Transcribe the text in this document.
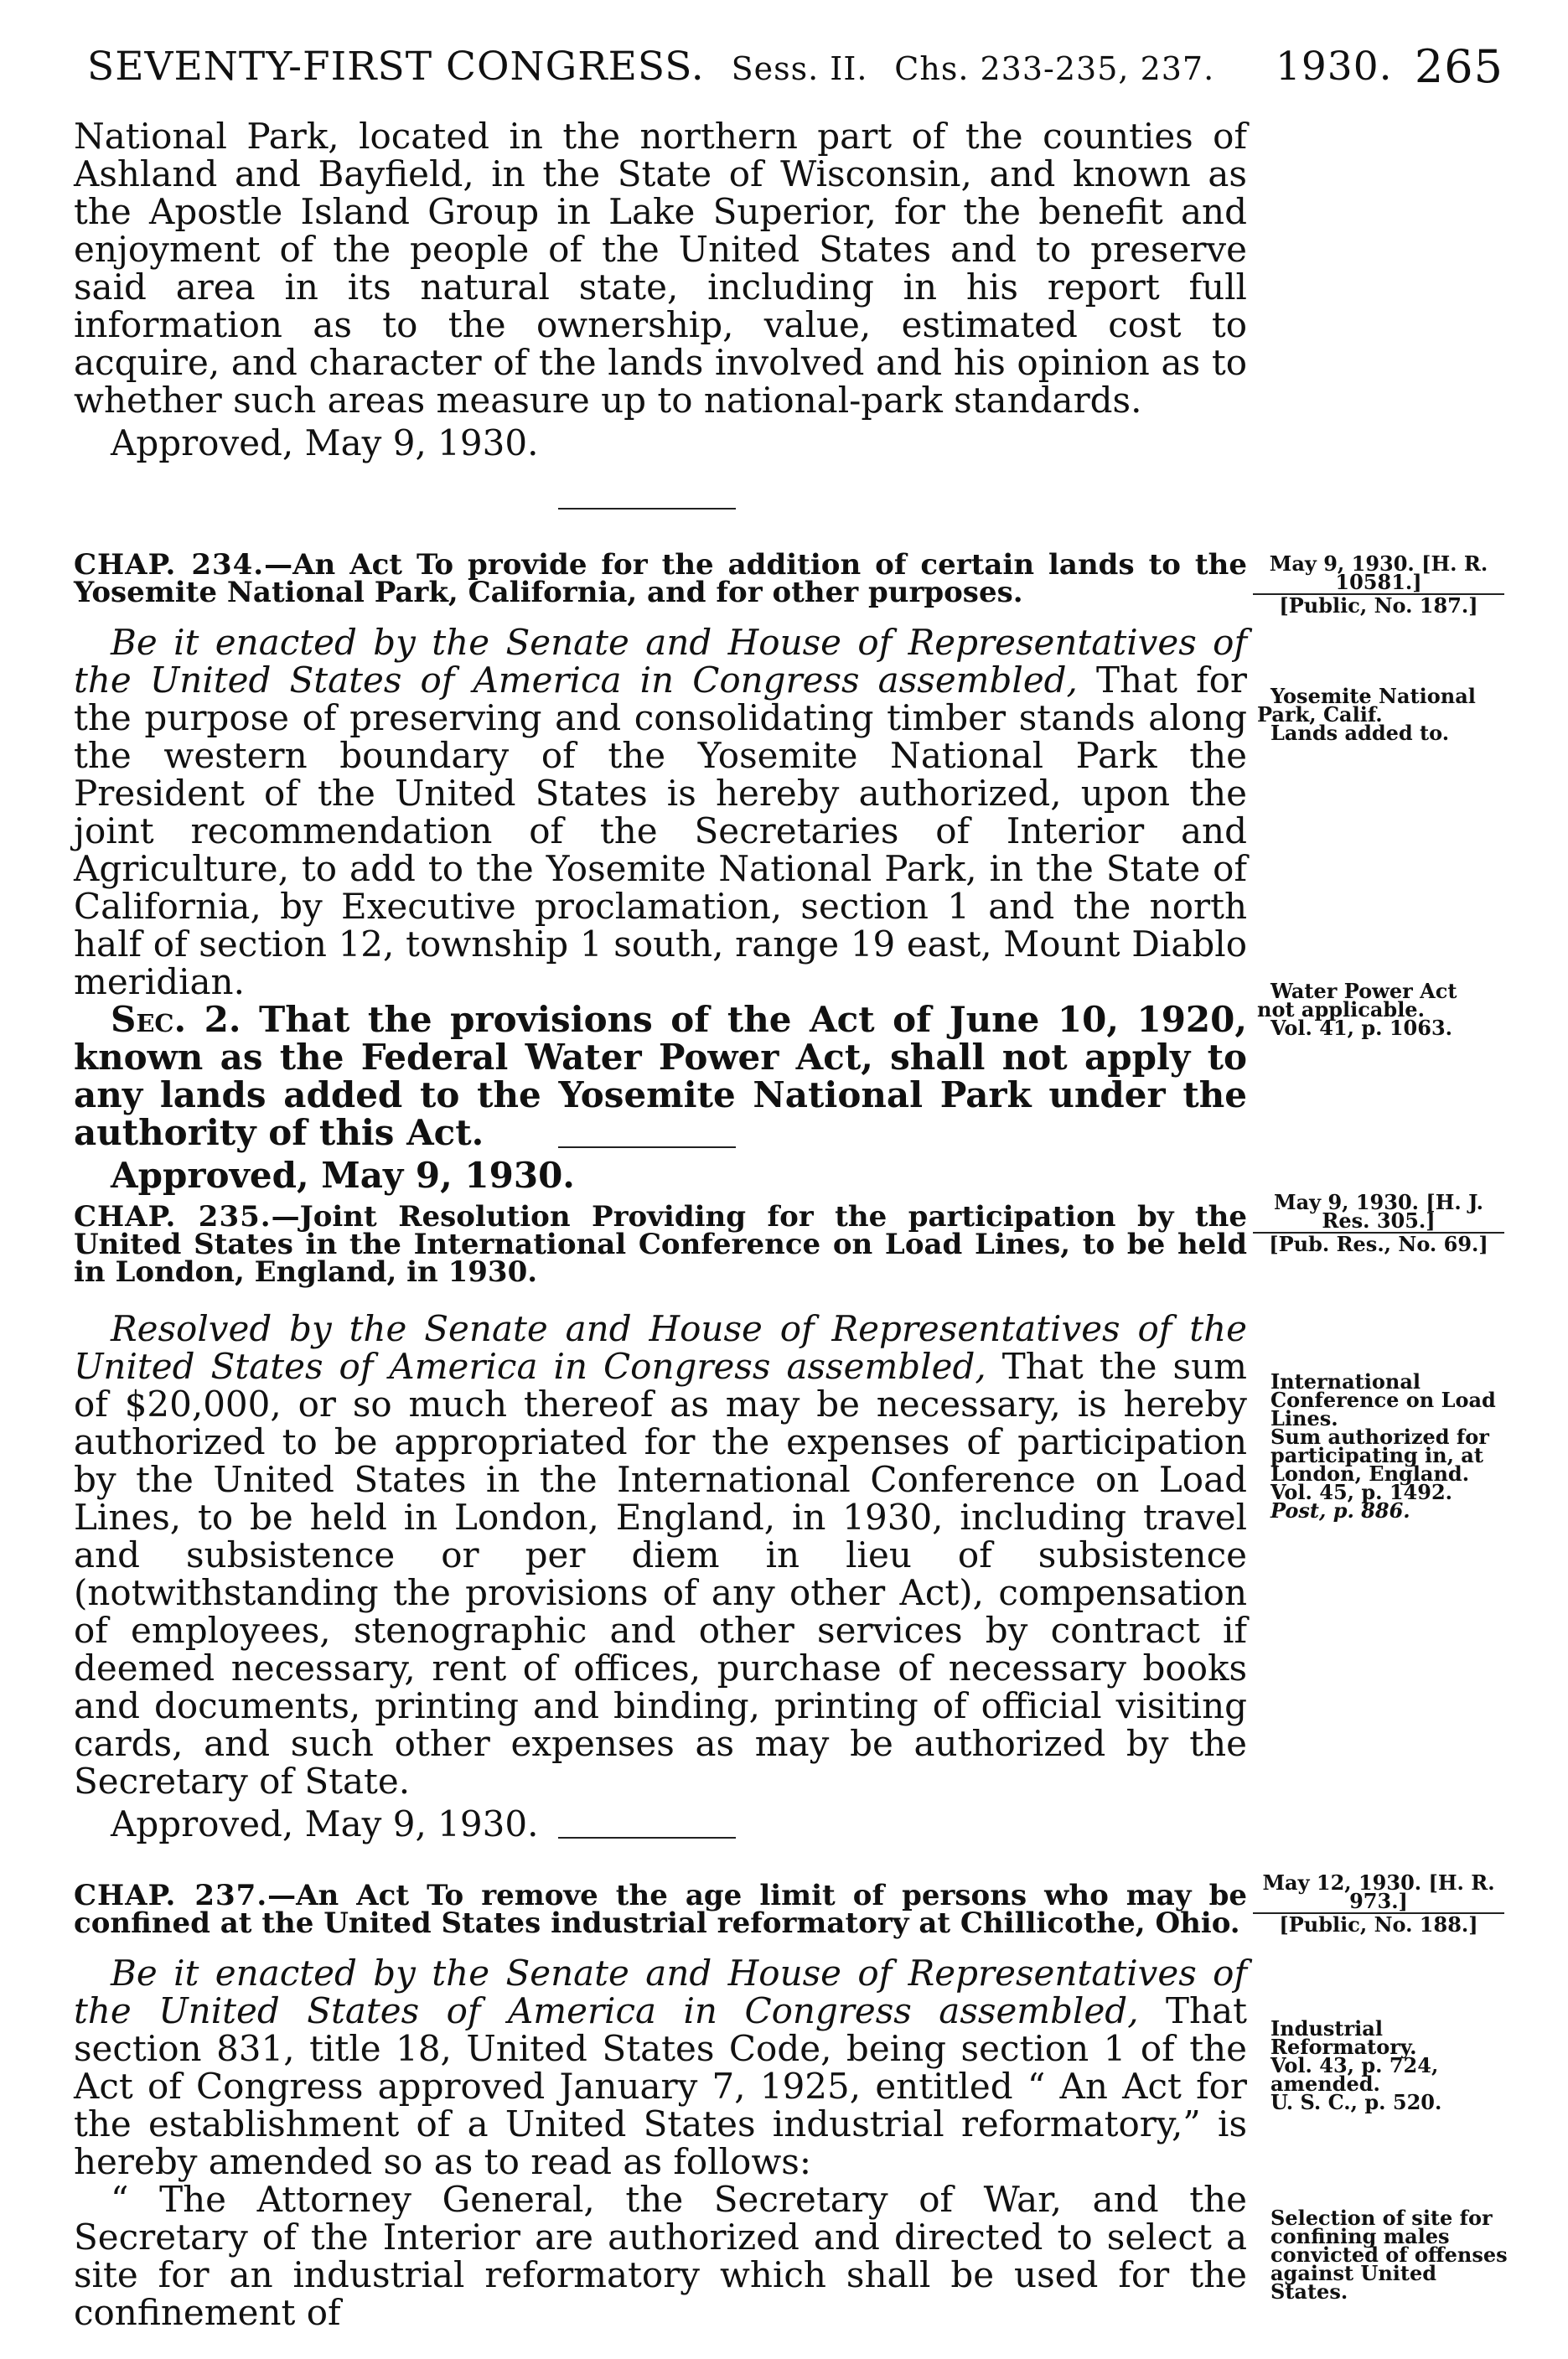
SEVENTY-FIRST CONGRESS. Sess. II. Chs. 233-235, 237. 1930. 265

National Park, located in the northern part of the counties of Ashland and Bayfield, in the State of Wisconsin, and known as the Apostle Island Group in Lake Superior, for the benefit and enjoyment of the people of the United States and to preserve said area in its natural state, including in his report full information as to the ownership, value, estimated cost to acquire, and character of the lands involved and his opinion as to whether such areas measure up to national-park standards.

Approved, May 9, 1930.

CHAP. 234.—An Act To provide for the addition of certain lands to the Yosemite National Park, California, and for other purposes.

Be it enacted by the Senate and House of Representatives of the United States of America in Congress assembled, That for the purpose of preserving and consolidating timber stands along the western boundary of the Yosemite National Park the President of the United States is hereby authorized, upon the joint recommendation of the Secretaries of Interior and Agriculture, to add to the Yosemite National Park, in the State of California, by Executive proclamation, section 1 and the north half of section 12, township 1 south, range 19 east, Mount Diablo meridian.

Sec. 2. That the provisions of the Act of June 10, 1920, known as the Federal Water Power Act, shall not apply to any lands added to the Yosemite National Park under the authority of this Act.

Approved, May 9, 1930.

May 9, 1930. [H. R. 10581.]
[Public, No. 187.]
Yosemite National
Park, Calif.
Lands added to.
Water Power Act
not applicable.
Vol. 41, p. 1063.

CHAP. 235.—Joint Resolution Providing for the participation by the United States in the International Conference on Load Lines, to be held in London, England, in 1930.

Resolved by the Senate and House of Representatives of the United States of America in Congress assembled, That the sum of $20,000, or so much thereof as may be necessary, is hereby authorized to be appropriated for the expenses of participation by the United States in the International Conference on Load Lines, to be held in London, England, in 1930, including travel and subsistence or per diem in lieu of subsistence (notwithstanding the provisions of any other Act), compensation of employees, stenographic and other services by contract if deemed necessary, rent of offices, purchase of necessary books and documents, printing and binding, printing of official visiting cards, and such other expenses as may be authorized by the Secretary of State.

Approved, May 9, 1930.

May 9, 1930. [H. J. Res. 305.]
[Pub. Res., No. 69.]
International Conference on Load Lines.
Sum authorized for participating in, at London, England.
Vol. 45, p. 1492.
Post, p. 886.

CHAP. 237.—An Act To remove the age limit of persons who may be confined at the United States industrial reformatory at Chillicothe, Ohio.

Be it enacted by the Senate and House of Representatives of the United States of America in Congress assembled, That section 831, title 18, United States Code, being section 1 of the Act of Congress approved January 7, 1925, entitled “ An Act for the establishment of a United States industrial reformatory,” is hereby amended so as to read as follows:

“ The Attorney General, the Secretary of War, and the Secretary of the Interior are authorized and directed to select a site for an industrial reformatory which shall be used for the confinement of

May 12, 1930. [H. R. 973.]
[Public, No. 188.]
Industrial Reformatory.
Vol. 43, p. 724, amended.
U. S. C., p. 520.
Selection of site for confining males convicted of offenses against United States.
